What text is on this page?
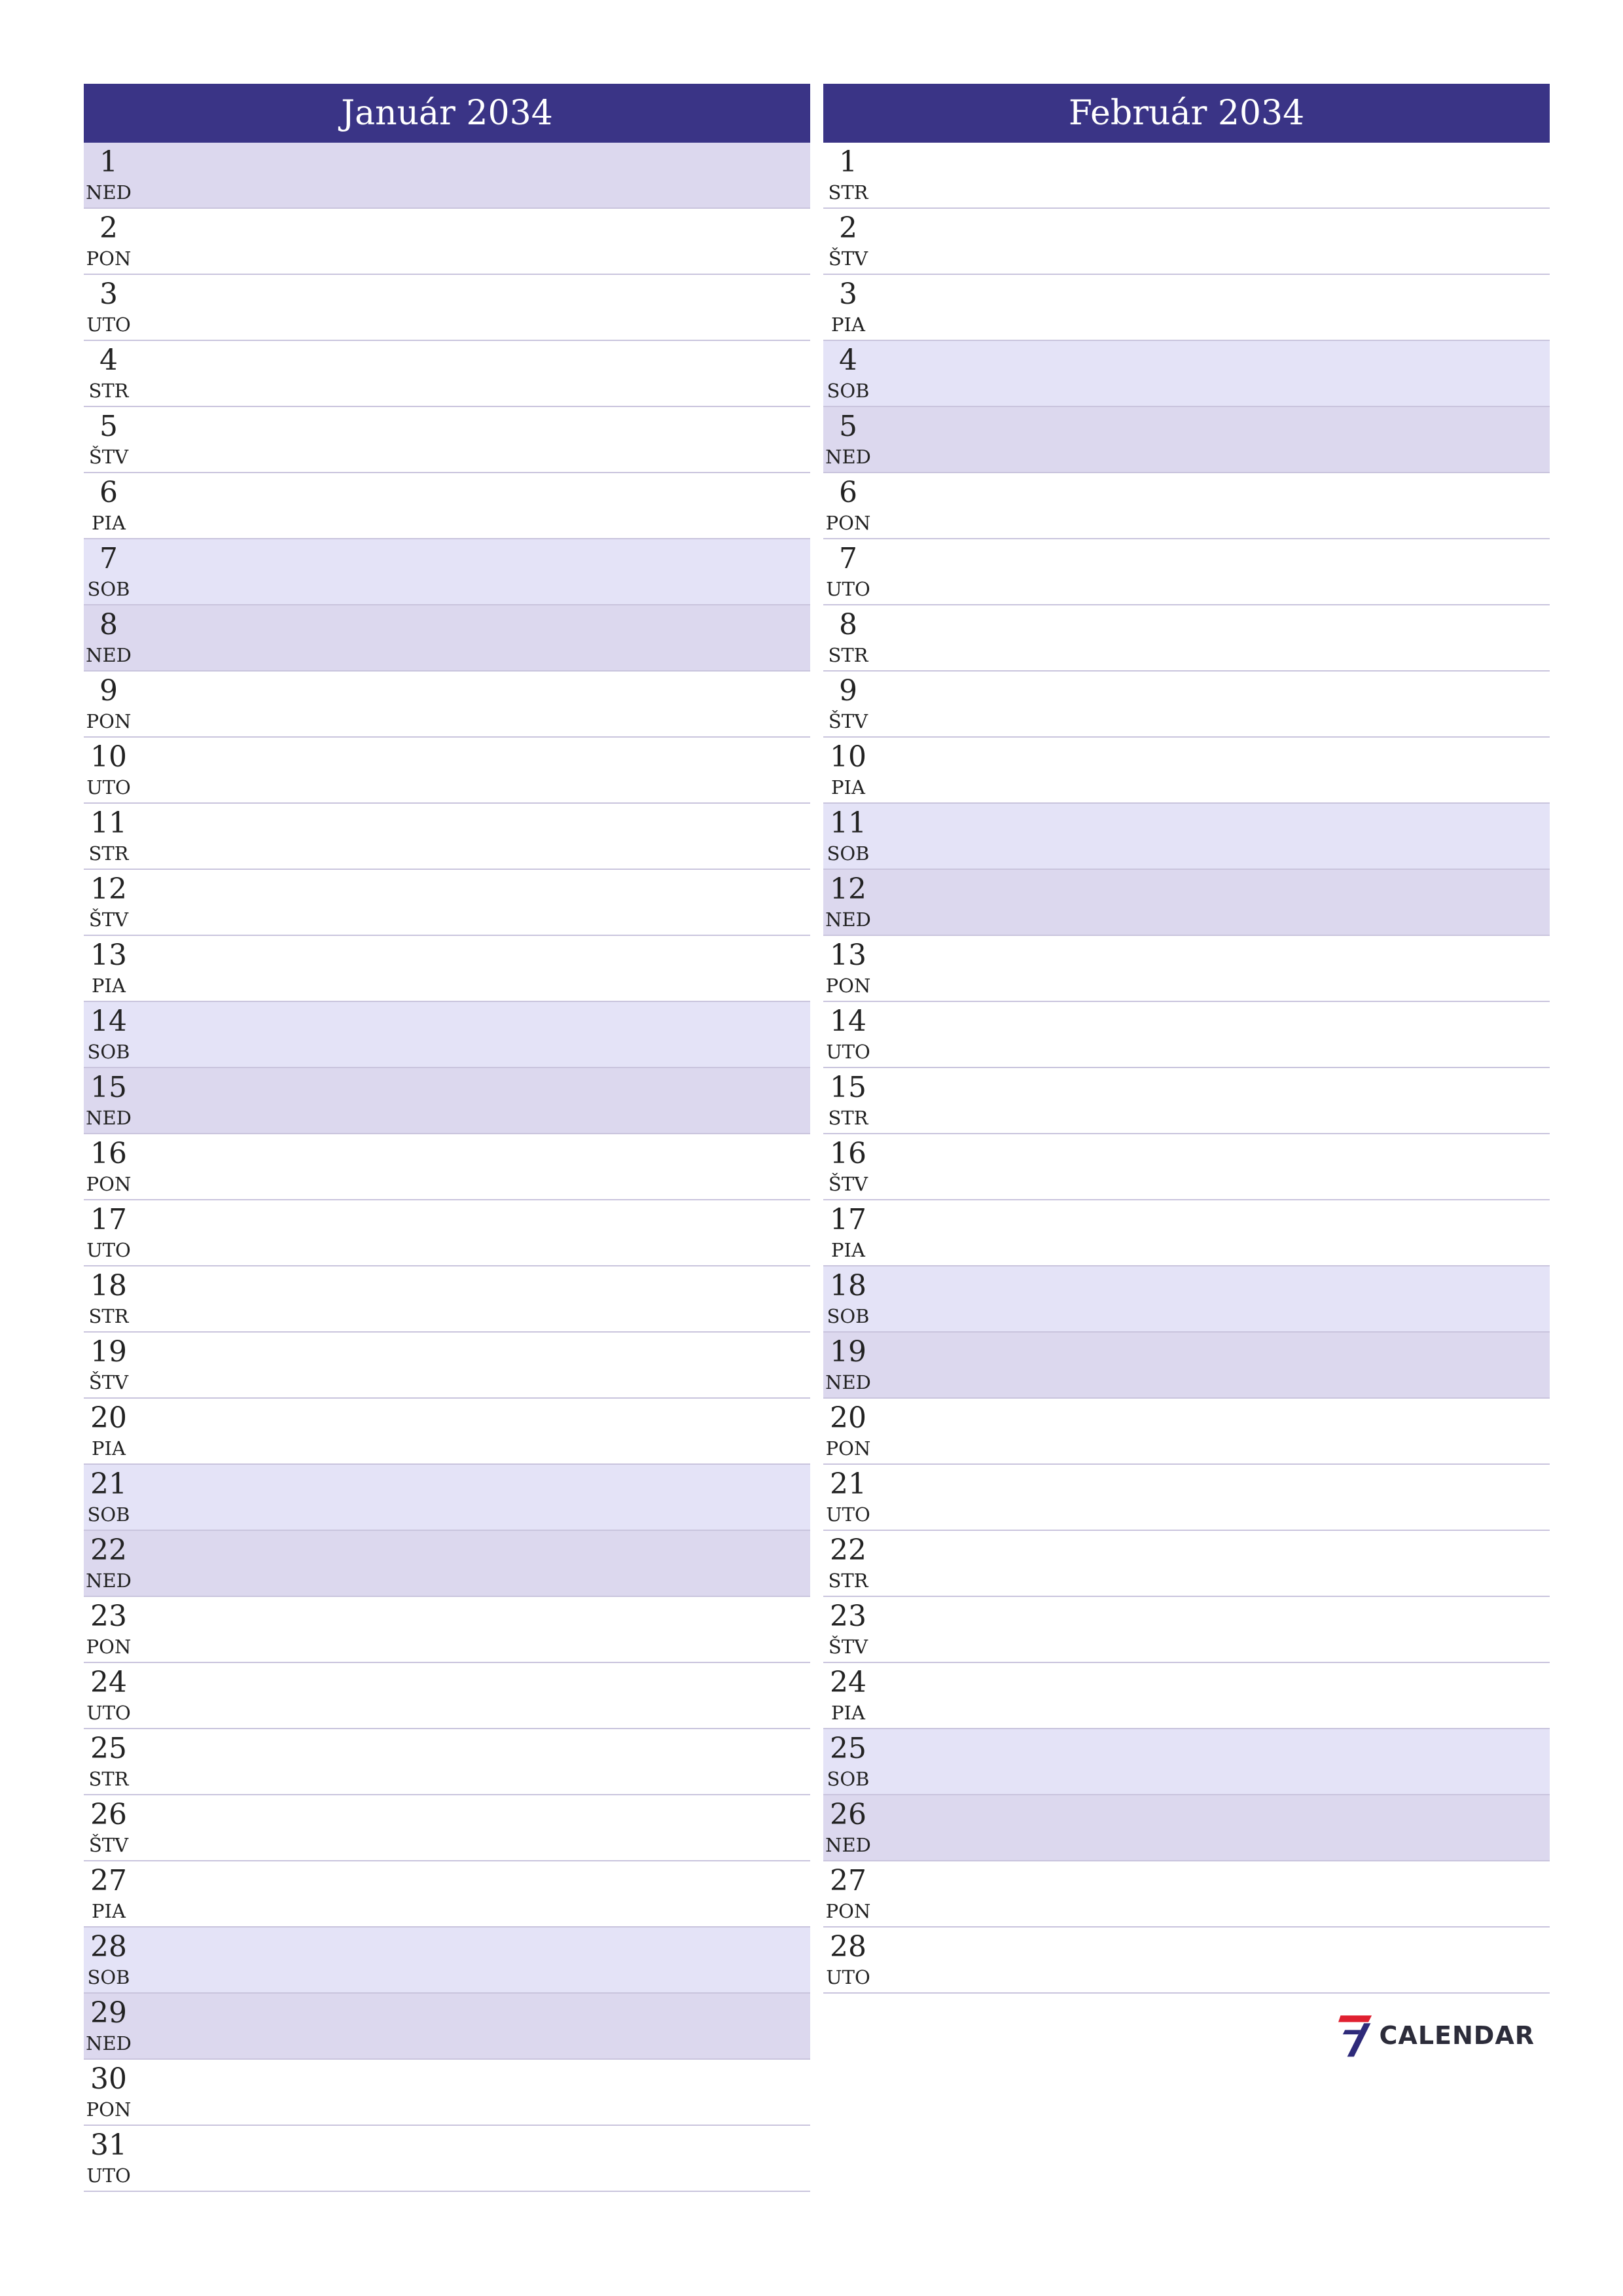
Január 2034
1
NED
2
PON
3
UTO
4
STR
5
ŠTV
6
PIA
7
SOB
8
NED
9
PON
10
UTO
11
STR
12
ŠTV
13
PIA
14
SOB
15
NED
16
PON
17
UTO
18
STR
19
ŠTV
20
PIA
21
SOB
22
NED
23
PON
24
UTO
25
STR
26
ŠTV
27
PIA
28
SOB
29
NED
30
PON
31
UTO
Február 2034
1
STR
2
ŠTV
3
PIA
4
SOB
5
NED
6
PON
7
UTO
8
STR
9
ŠTV
10
PIA
11
SOB
12
NED
13
PON
14
UTO
15
STR
16
ŠTV
17
PIA
18
SOB
19
NED
20
PON
21
UTO
22
STR
23
ŠTV
24
PIA
25
SOB
26
NED
27
PON
28
UTO
CALENDAR
